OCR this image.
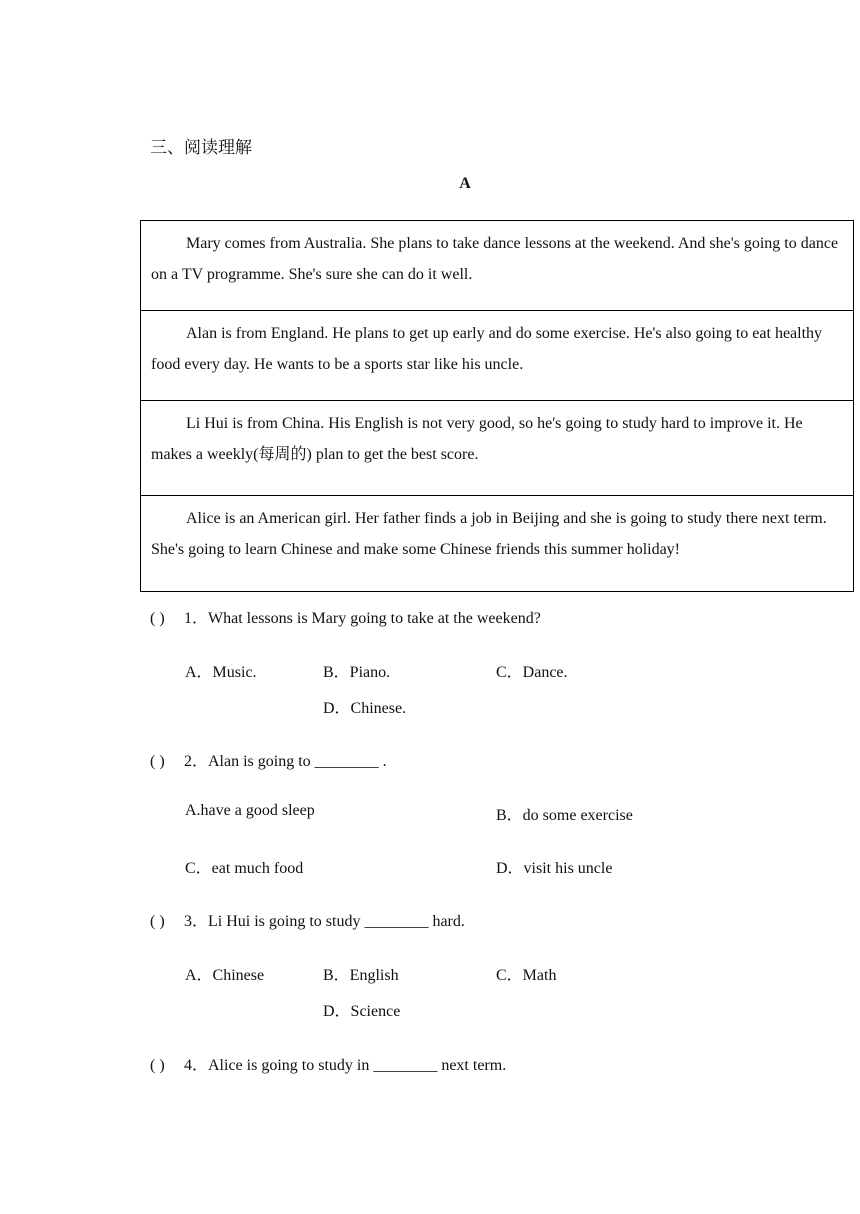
三、阅读理解
A
Mary comes from Australia. She plans to take dance lessons at the weekend. And she's going to dance on a TV programme. She's sure she can do it well.
Alan is from England. He plans to get up early and do some exercise. He's also going to eat healthy food every day. He wants to be a sports star like his uncle.
Li Hui is from China. His English is not very good, so he's going to study hard to improve it. He makes a weekly(每周的) plan to get the best score.
Alice is an American girl. Her father finds a job in Beijing and she is going to study there next term. She's going to learn Chinese and make some Chinese friends this summer holiday!
( ) 1．What lessons is Mary going to take at the weekend?
A．Music.	B．Piano.	C．Dance.
D．Chinese.
( ) 2．Alan is going to ________ .
A.have a good sleep	B．do some exercise
C．eat much food	D．visit his uncle
( ) 3．Li Hui is going to study ________ hard.
A．Chinese	B．English	C．Math
D．Science
( ) 4．Alice is going to study in ________ next term.
